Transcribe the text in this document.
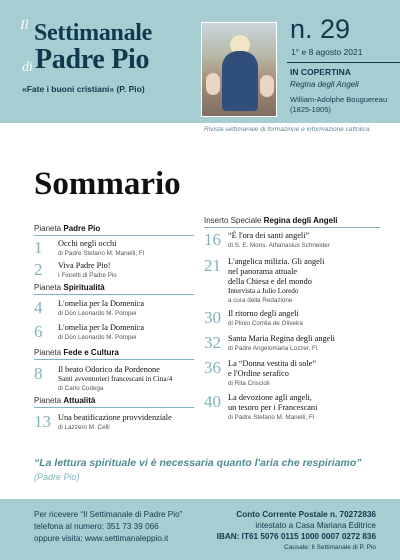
Il Settimanale
di Padre Pio
«Fate i buoni cristiani» (P. Pio)
n. 29
1° e 8 agosto 2021
IN COPERTINA
Regina degli Angeli
William-Adolphe Bouguereau
(1825-1905)
Rivista settimanale di formazione e informazione cattolica
Sommario
Pianeta Padre Pio
1 Occhi negli occhi
di Padre Stefano M. Manelli, FI
2 Viva Padre Pio!
I Fioretti di Padre Pio
Pianeta Spiritualità
4 L'omelia per la Domenica
di Don Leonardo M. Pompei
6 L'omelia per la Domenica
di Don Leonardo M. Pompei
Pianeta Fede e Cultura
8 Il beato Odorico da Pordenone
Santi avventurieri francescani in Cina/4
di Carlo Codega
Pianeta Attualità
13 Una beatificazione provvidenziale
di Lazzero M. Celli
Inserto Speciale Regina degli Angeli
16 “È l'ora dei santi angeli”
di S. E. Mons. Athanasius Schneider
21 L'angelica milizia. Gli angeli
nel panorama attuale
della Chiesa e del mondo
Intervista a Julio Loredo
a cura della Redazione
30 Il ritorno degli angeli
di Plinio Corrêa de Oliveira
32 Santa Maria Regina degli angeli
di Padre Angelomaria Lozzer, FI
36 La “Donna vestita di sole”
e l'Ordine serafico
di Rita Criscioli
40 La devozione agli angeli,
un tesoro per i Francescani
di Padre Stefano M. Manelli, FI
“La lettura spirituale vi è necessaria quanto l'aria che respiriamo”
(Padre Pio)
Per ricevere “Il Settimanale di Padre Pio”
telefona al numero: 351 73 39 066
oppure visita: www.settimanaleppio.it
Conto Corrente Postale n. 70272836
intestato a Casa Mariana Editrice
IBAN: IT61 5076 0115 1000 0007 0272 836
Causale: Il Settimanale di P. Pio
